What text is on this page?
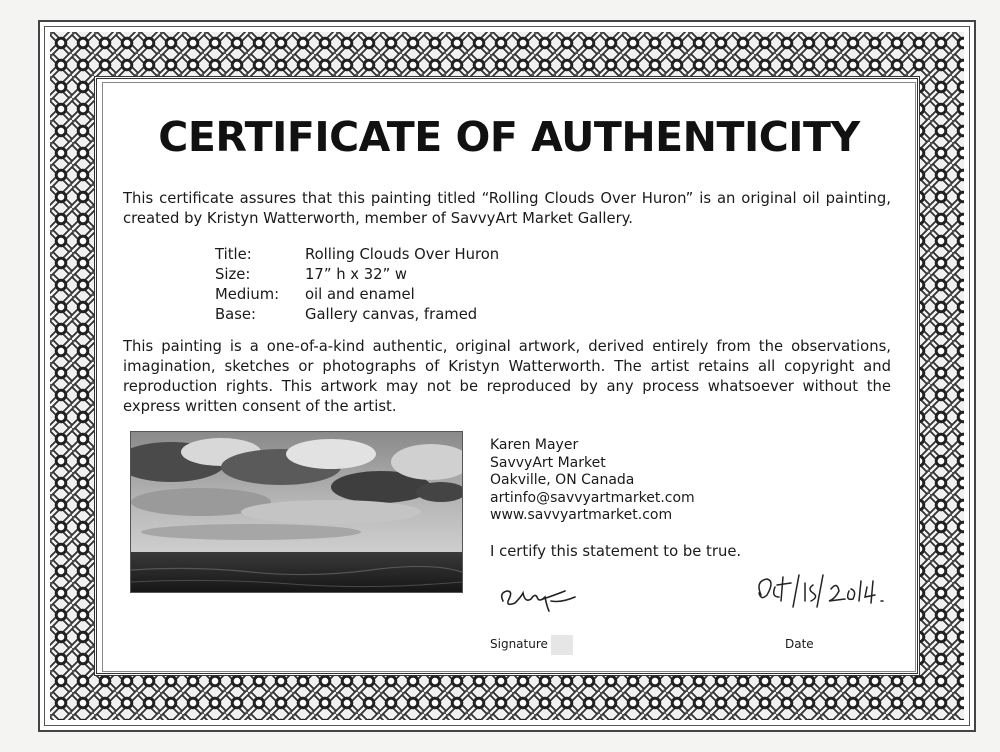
CERTIFICATE OF AUTHENTICITY

This certificate assures that this painting titled “Rolling Clouds Over Huron” is an original oil painting, created by Kristyn Watterworth, member of SavvyArt Market Gallery.

Title:	Rolling Clouds Over Huron
Size:	17” h x 32” w
Medium:	oil and enamel
Base:	Gallery canvas, framed

This painting is a one-of-a-kind authentic, original artwork, derived entirely from the observations, imagination, sketches or photographs of Kristyn Watterworth. The artist retains all copyright and reproduction rights. This artwork may not be reproduced by any process whatsoever without the express written consent of the artist.

Karen Mayer
SavvyArt Market
Oakville, ON Canada
artinfo@savvyartmarket.com
www.savvyartmarket.com
I certify this statement to be true.
Signature	Date
